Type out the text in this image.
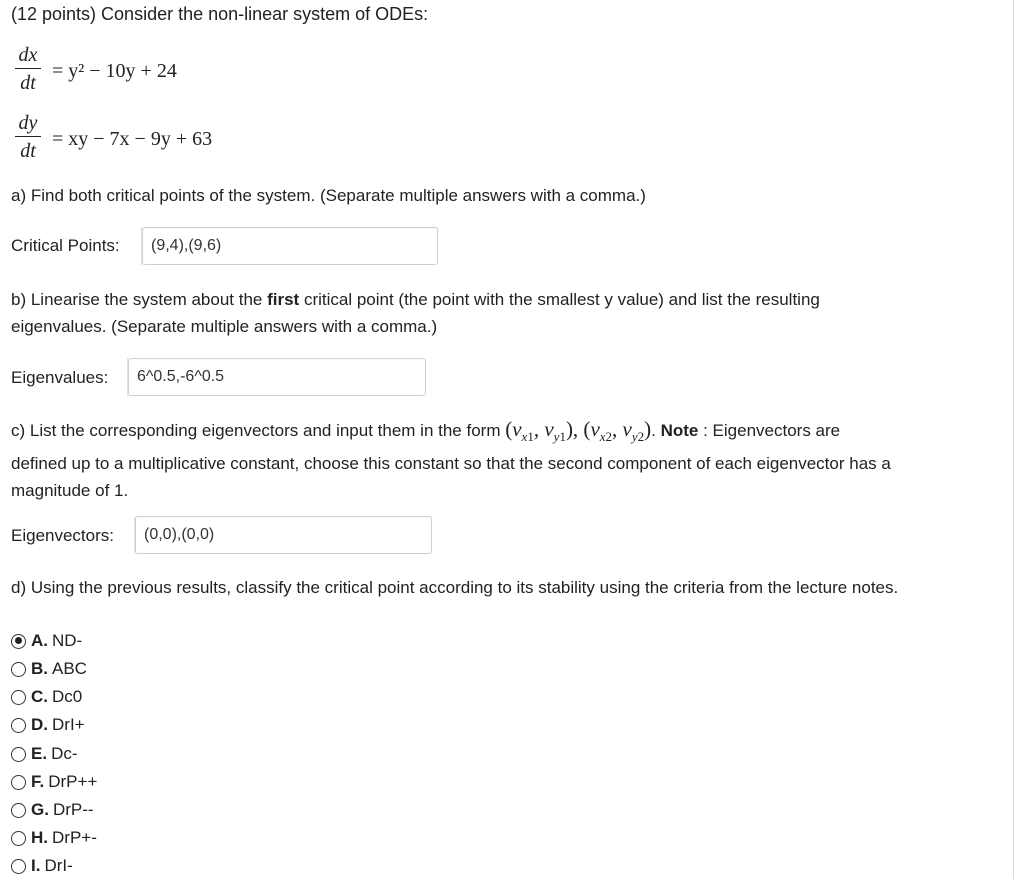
(12 points) Consider the non-linear system of ODEs:
dx
dt
= y² − 10y + 24
dy
dt
= xy − 7x − 9y + 63
a) Find both critical points of the system. (Separate multiple answers with a comma.)
Critical Points:	(9,4),(9,6)
b) Linearise the system about the first critical point (the point with the smallest y value) and list the resulting
eigenvalues. (Separate multiple answers with a comma.)
Eigenvalues:	6^0.5,-6^0.5
c) List the corresponding eigenvectors and input them in the form ($v_{x1}$, $v_{y1}$), ($v_{x2}$, $v_{y2}$). Note : Eigenvectors are
defined up to a multiplicative constant, choose this constant so that the second component of each eigenvector has a
magnitude of 1.
Eigenvectors:	(0,0),(0,0)
d) Using the previous results, classify the critical point according to its stability using the criteria from the lecture notes.
A. ND-
B. ABC
C. Dc0
D. DrI+
E. Dc-
F. DrP++
G. DrP--
H. DrP+-
I. DrI-
